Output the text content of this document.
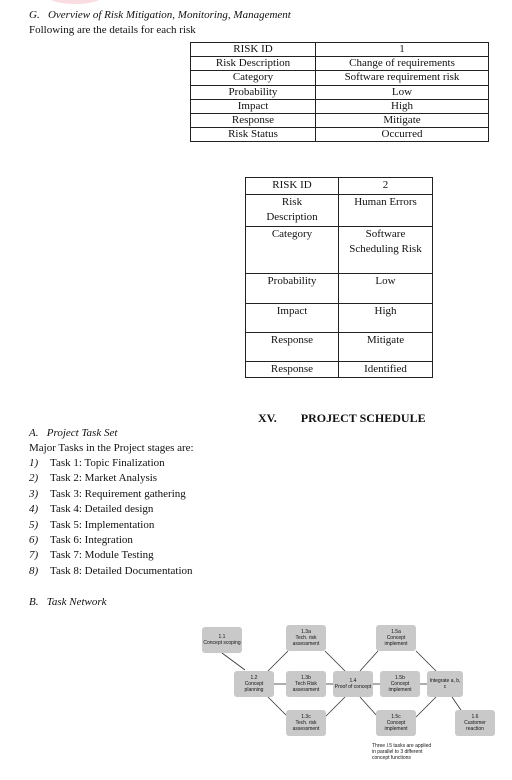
G. Overview of Risk Mitigation, Monitoring, Management
Following are the details for each risk
RISK ID	1
Risk Description	Change of requirements
Category	Software requirement risk
Probability	Low
Impact	High
Response	Mitigate
Risk Status	Occurred
RISK ID	2
Risk Description	Human Errors
Category	Software Scheduling Risk
Probability	Low
Impact	High
Response	Mitigate
Response	Identified
XV. PROJECT SCHEDULE
A. Project Task Set
Major Tasks in the Project stages are:
1) Task 1: Topic Finalization
2) Task 2: Market Analysis
3) Task 3: Requirement gathering
4) Task 4: Detailed design
5) Task 5: Implementation
6) Task 6: Integration
7) Task 7: Module Testing
8) Task 8: Detailed Documentation
B. Task Network
1.1
Concept scoping
1.3a
Tech. risk assessment
1.5a
Concept implement
1.2
Concept planning
1.3b
Tech Risk assessment
1.4
Proof of concept
1.5b
Concept implement
Integrate a, b, c
1.3c
Tech. risk assessment
1.5c
Concept implement
1.6
Customer reaction
Three I.5 tasks are applied in parallel to 3 different concept functions
